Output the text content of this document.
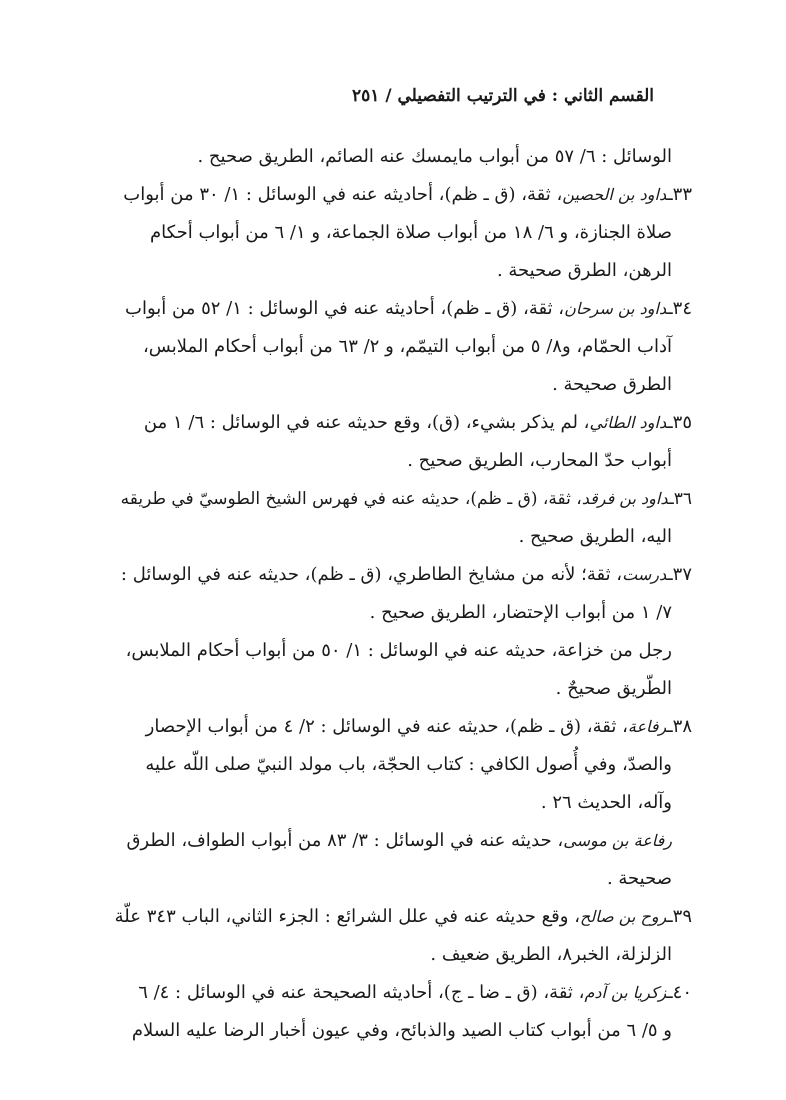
القسم الثاني : في الترتيب التفصيلي / ٢٥١

الوسائل : ٦/ ٥٧ من أبواب مايمسك عنه الصائم، الطريق صحيح .

٣٣ـداود بن الحصين، ثقة، (ق ـ ظم)، أحاديثه عنه في الوسائل : ١/ ٣٠ من أبواب
صلاة الجنازة، و ٦/ ١٨ من أبواب صلاة الجماعة، و ١/ ٦ من أبواب أحكام
الرهن، الطرق صحيحة .

٣٤ـداود بن سرحان، ثقة، (ق ـ ظم)، أحاديثه عنه في الوسائل : ١/ ٥٢ من أبواب
آداب الحمّام، و٨/ ٥ من أبواب التيمّم، و ٢/ ٦٣ من أبواب أحكام الملابس،
الطرق صحيحة .

٣٥ـداود الطائي، لم يذكر بشيء، (ق)، وقع حديثه عنه في الوسائل : ٦/ ١ من
أبواب حدّ المحارب، الطريق صحيح .

٣٦ـداود بن فرقد، ثقة، (ق ـ ظم)، حديثه عنه في فهرس الشيخ الطوسيّ في طريقه
اليه، الطريق صحيح .

٣٧ـدرست، ثقة؛ لأنه من مشايخ الطاطري، (ق ـ ظم)، حديثه عنه في الوسائل :
٧/ ١ من أبواب الإحتضار، الطريق صحيح .

رجل من خزاعة، حديثه عنه في الوسائل : ١/ ٥٠ من أبواب أحكام الملابس،
الطّريق صحيحٌ .

٣٨ـرفاعة، ثقة، (ق ـ ظم)، حديثه عنه في الوسائل : ٢/ ٤ من أبواب الإحصار
والصدّ، وفي أُصول الكافي : كتاب الحجّة، باب مولد النبيّ صلى اللّه عليه
وآله، الحديث ٢٦ .

رفاعة بن موسى، حديثه عنه في الوسائل : ٣/ ٨٣ من أبواب الطواف، الطرق
صحيحة .

٣٩ـروح بن صالح، وقع حديثه عنه في علل الشرائع : الجزء الثاني، الباب ٣٤٣ علّة
الزلزلة، الخبر٨، الطريق ضعيف .

٤٠ـزكريا بن آدم، ثقة، (ق ـ ضا ـ ج)، أحاديثه الصحيحة عنه في الوسائل : ٤/ ٦
و ٥/ ٦ من أبواب كتاب الصيد والذبائح، وفي عيون أخبار الرضا عليه السلام
